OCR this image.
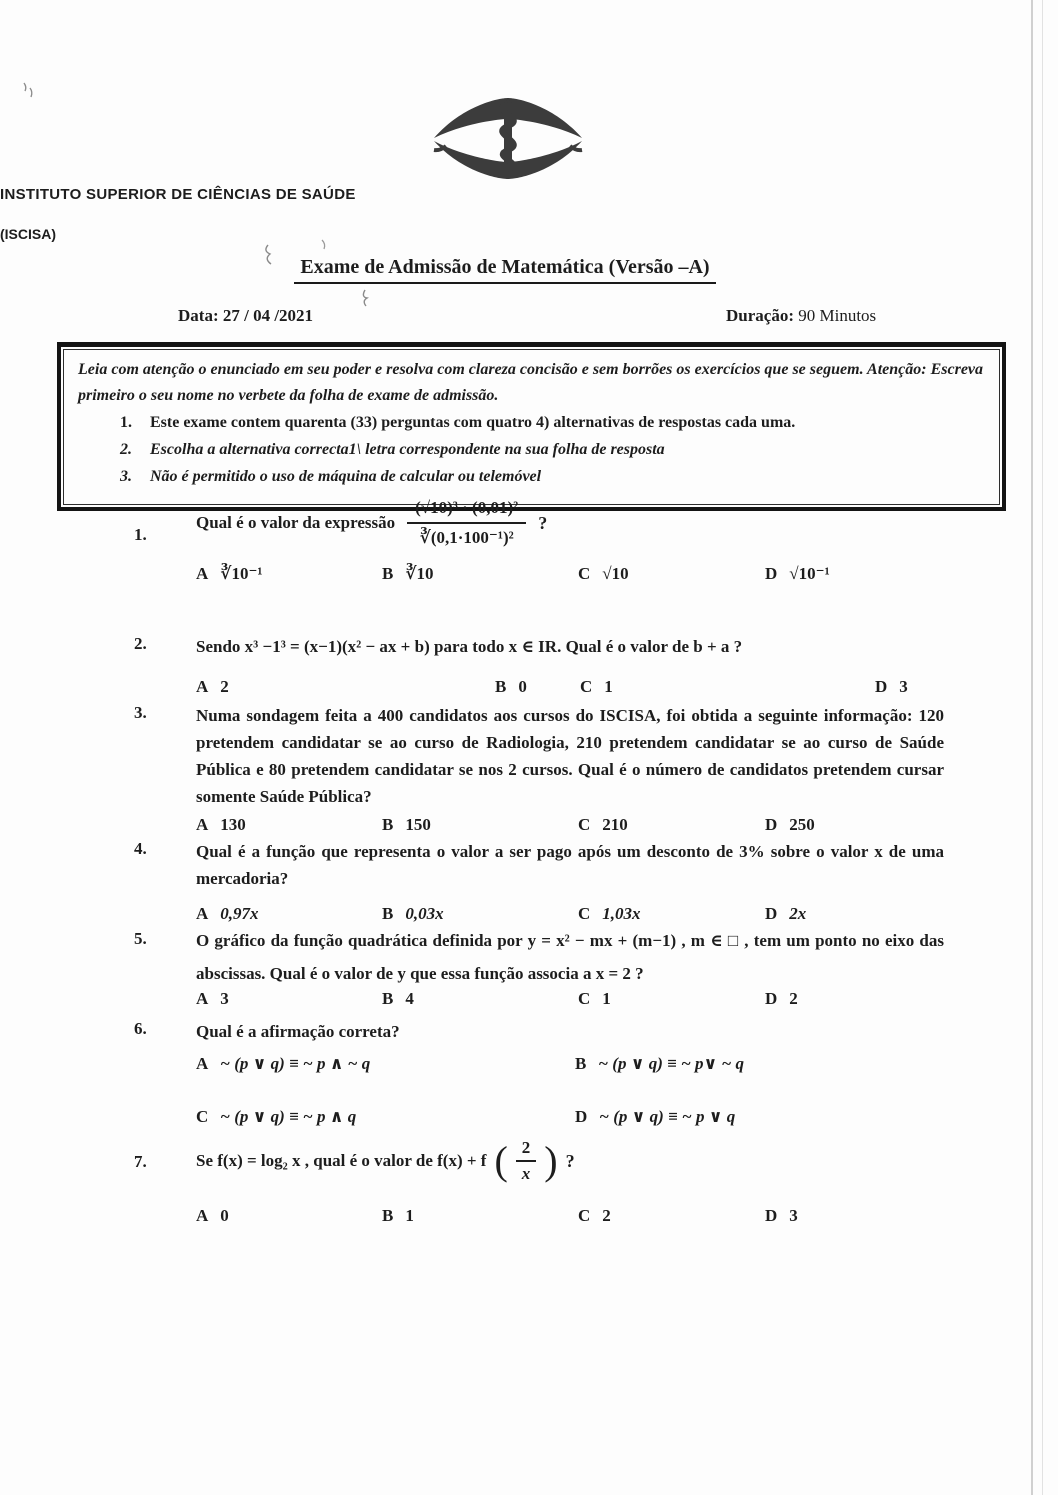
INSTITUTO SUPERIOR DE CIÊNCIAS DE SAÚDE
(ISCISA)
Exame de Admissão de Matemática (Versão –A)
Data: 27 / 04 /2021	Duração: 90 Minutos

Leia com atenção o enunciado em seu poder e resolva com clareza concisão e sem borrões os exercícios que se seguem. Atenção: Escreva primeiro o seu nome no verbete da folha de exame de admissão.

1. Este exame contem quarenta (33) perguntas com quatro 4) alternativas de respostas cada uma.
2. Escolha a alternativa correcta1\ letra correspondente na sua folha de resposta
3. Não é permitido o uso de máquina de calcular ou telemóvel
1.
Qual é o valor da expressão $\frac{\text{(√10)³ · (0,01)²}}{\text{∛(0,1·100⁻¹)²}}$ ?
A ∛10⁻¹	B ∛10	C √10	D √10⁻¹
2.	Sendo x³ −1³ = (x−1)(x² − ax + b) para todo x ∈ IR. Qual é o valor de b + a ?
A 2	B 0	C 1	D 3
3.	Numa sondagem feita a 400 candidatos aos cursos do ISCISA, foi obtida a seguinte informação: 120 pretendem candidatar se ao curso de Radiologia, 210 pretendem candidatar se ao curso de Saúde Pública e 80 pretendem candidatar se nos 2 cursos. Qual é o número de candidatos pretendem cursar somente Saúde Pública?
A 130	B 150	C 210	D 250
4.	Qual é a função que representa o valor a ser pago após um desconto de 3% sobre o valor x de uma mercadoria?
A 0,97x	B 0,03x	C 1,03x	D 2x
5.	O gráfico da função quadrática definida por y = x² − mx + (m−1) , m ∈ □ , tem um ponto no eixo das abscissas. Qual é o valor de y que essa função associa a x = 2 ?
A 3	B 4	C 1	D 2
6.	Qual é a afirmação correta?
A ~ (p ∨ q) ≡ ~ p ∧ ~ q	B ~ (p ∨ q) ≡ ~ p∨ ~ q
C ~ (p ∨ q) ≡ ~ p ∧ q	D ~ (p ∨ q) ≡ ~ p ∨ q
7.	Se f(x) = log₂ x , qual é o valor de f(x) + f ( $\frac{2}{x}$ ) ?
A 0	B 1	C 2	D 3
